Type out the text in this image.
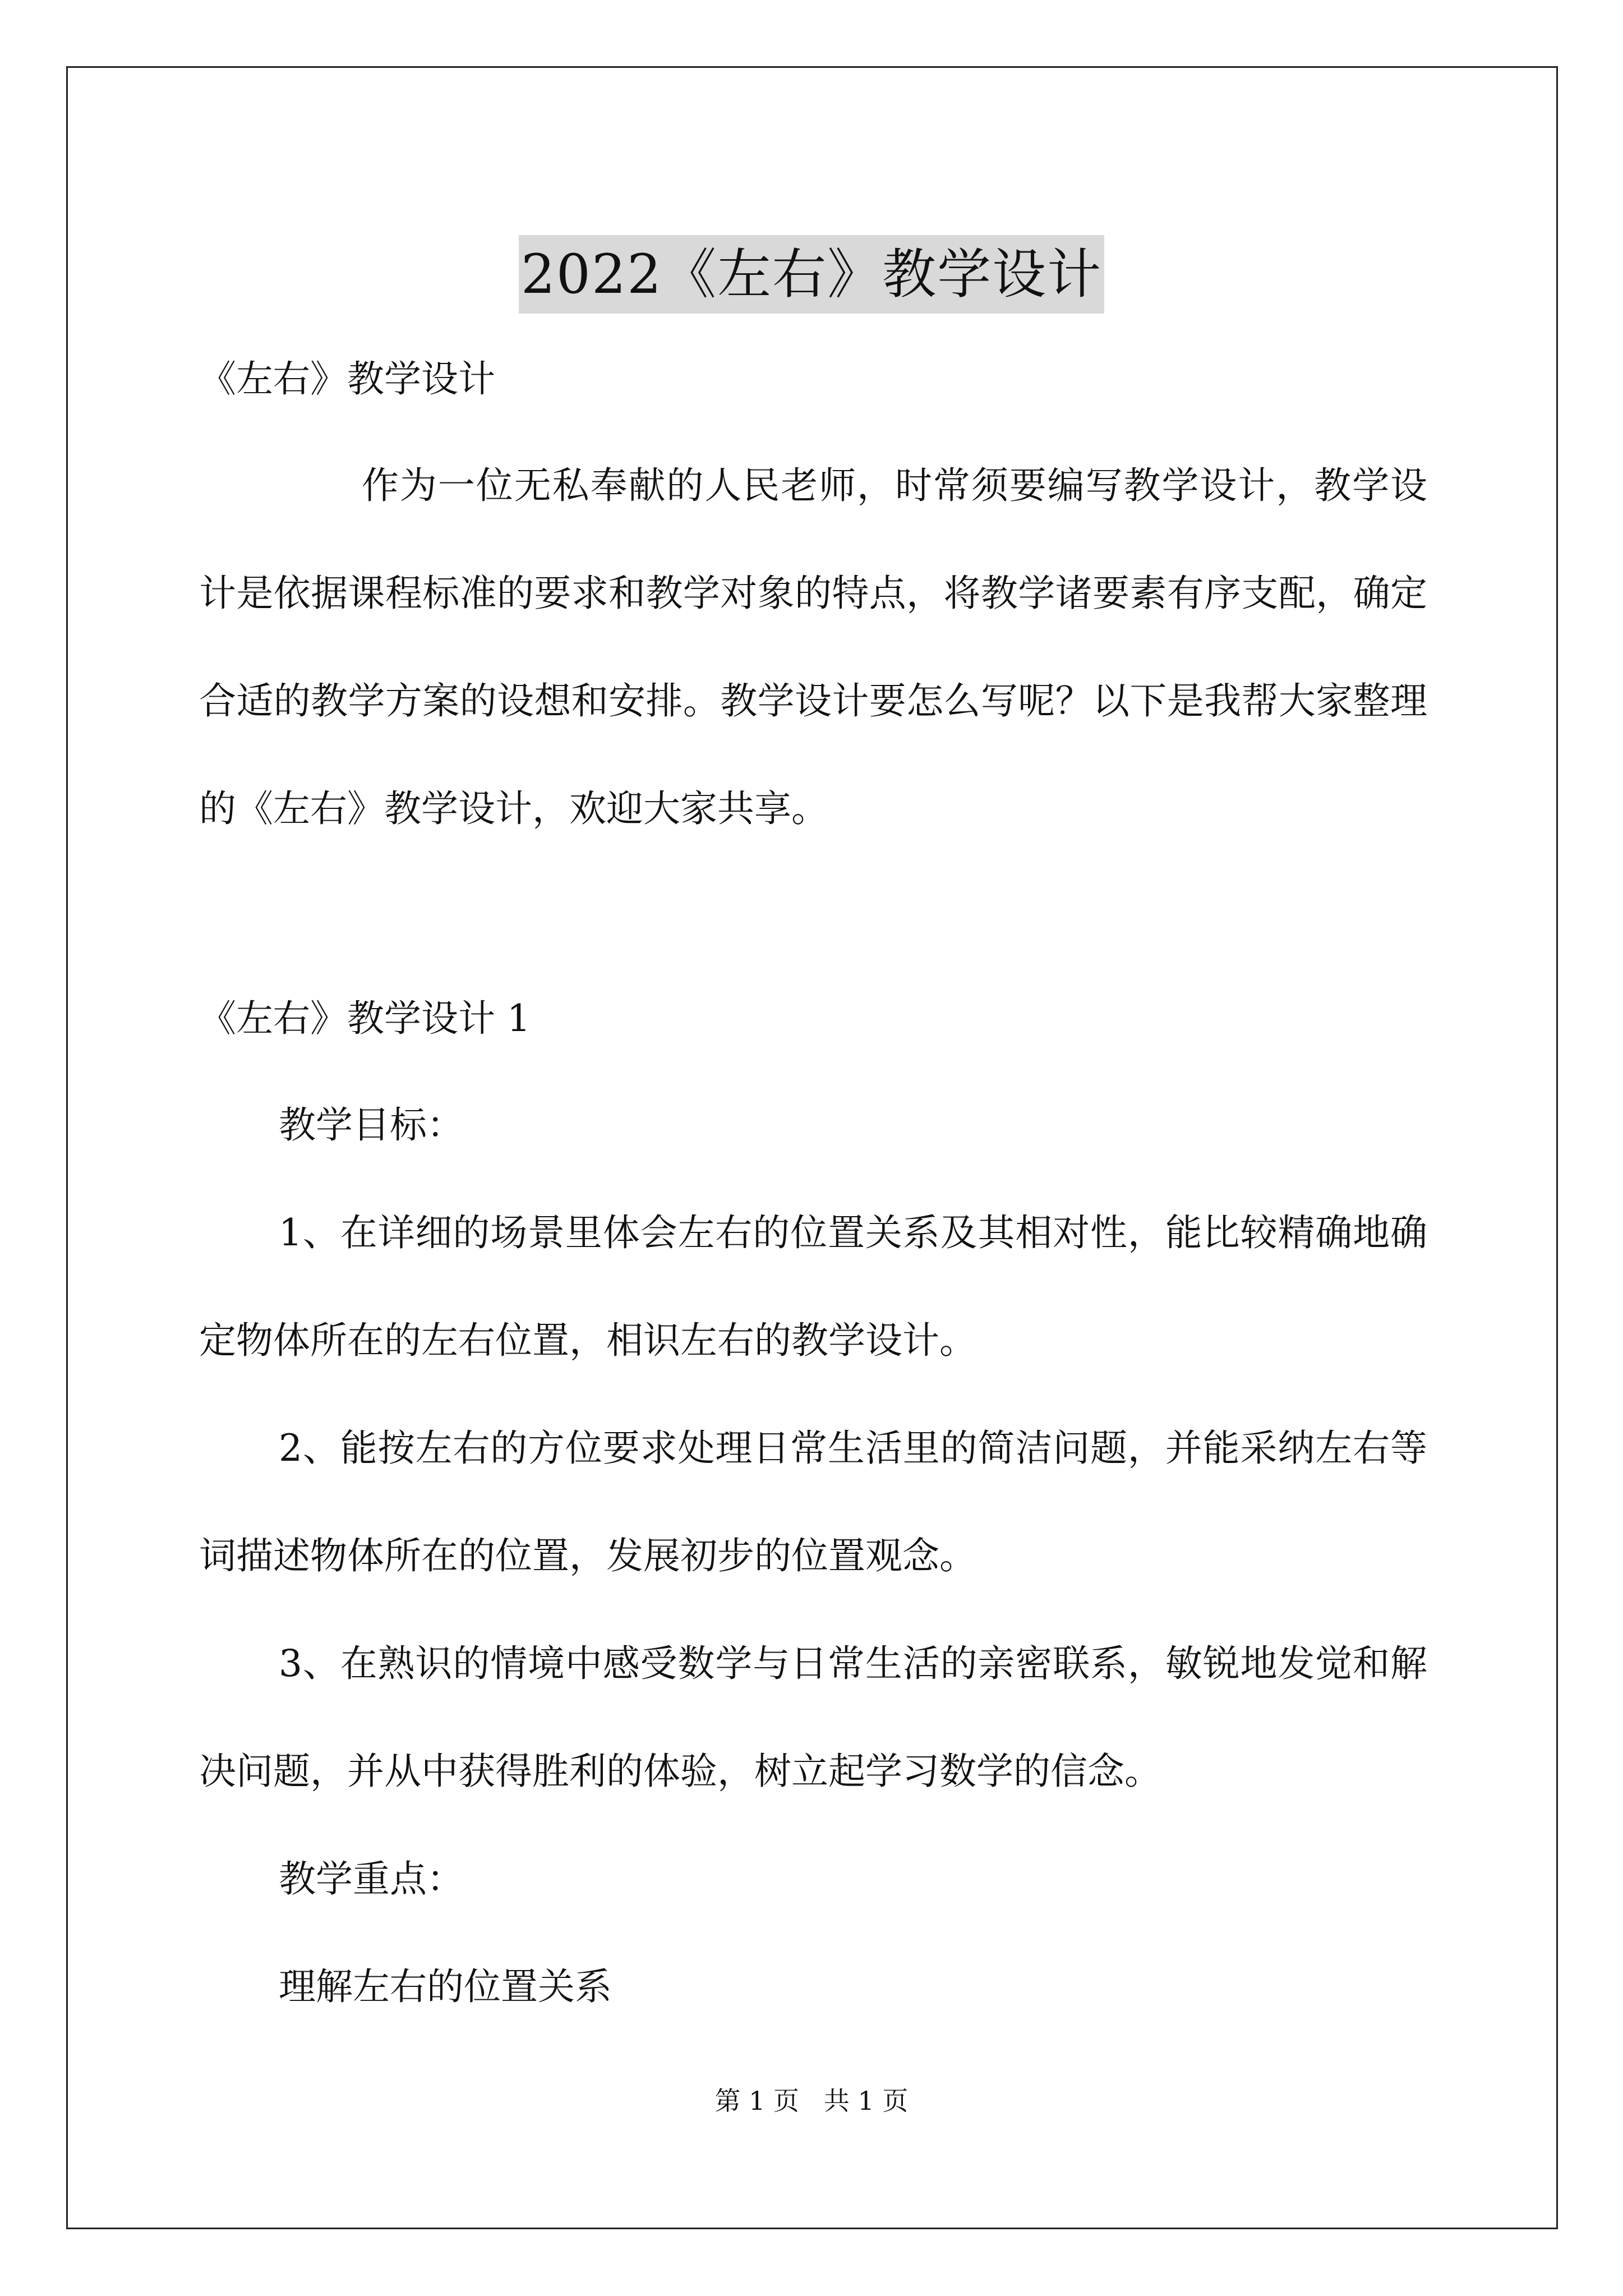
2022《左右》教学设计

《左右》教学设计

作为一位无私奉献的人民老师，时常须要编写教学设计，教学设计是依据课程标准的要求和教学对象的特点，将教学诸要素有序支配，确定合适的教学方案的设想和安排。教学设计要怎么写呢？以下是我帮大家整理的《左右》教学设计，欢迎大家共享。

《左右》教学设计 1

教学目标：

1、在详细的场景里体会左右的位置关系及其相对性，能比较精确地确定物体所在的左右位置，相识左右的教学设计。

2、能按左右的方位要求处理日常生活里的简洁问题，并能采纳左右等词描述物体所在的位置，发展初步的位置观念。

3、在熟识的情境中感受数学与日常生活的亲密联系，敏锐地发觉和解决问题，并从中获得胜利的体验，树立起学习数学的信念。

教学重点：

理解左右的位置关系

第 1 页   共 1 页
